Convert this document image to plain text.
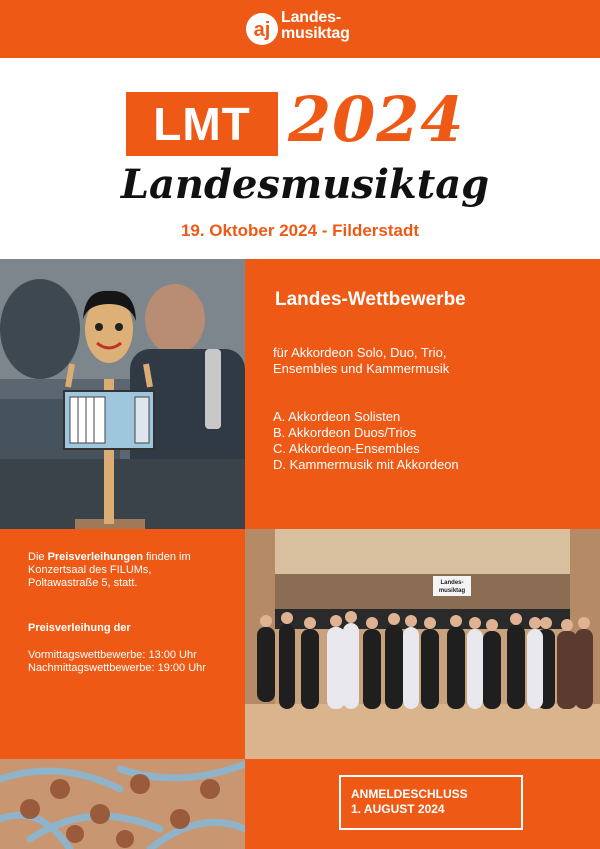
aj
Landes-
musiktag
LMT 2024
Landesmusiktag
19. Oktober 2024 - Filderstadt
Landes-Wettbewerbe
für Akkordeon Solo, Duo, Trio,
Ensembles und Kammermusik
A. Akkordeon Solisten
B. Akkordeon Duos/Trios
C. Akkordeon-Ensembles
D. Kammermusik mit Akkordeon
Die Preisverleihungen finden im
Konzertsaal des FILUMs,
Poltawastraße 5, statt.
Preisverleihung der
Vormittagswettbewerbe: 13:00 Uhr
Nachmittagswettbewerbe: 19:00 Uhr
Landes-
musiktag
ANMELDESCHLUSS
1. AUGUST 2024
